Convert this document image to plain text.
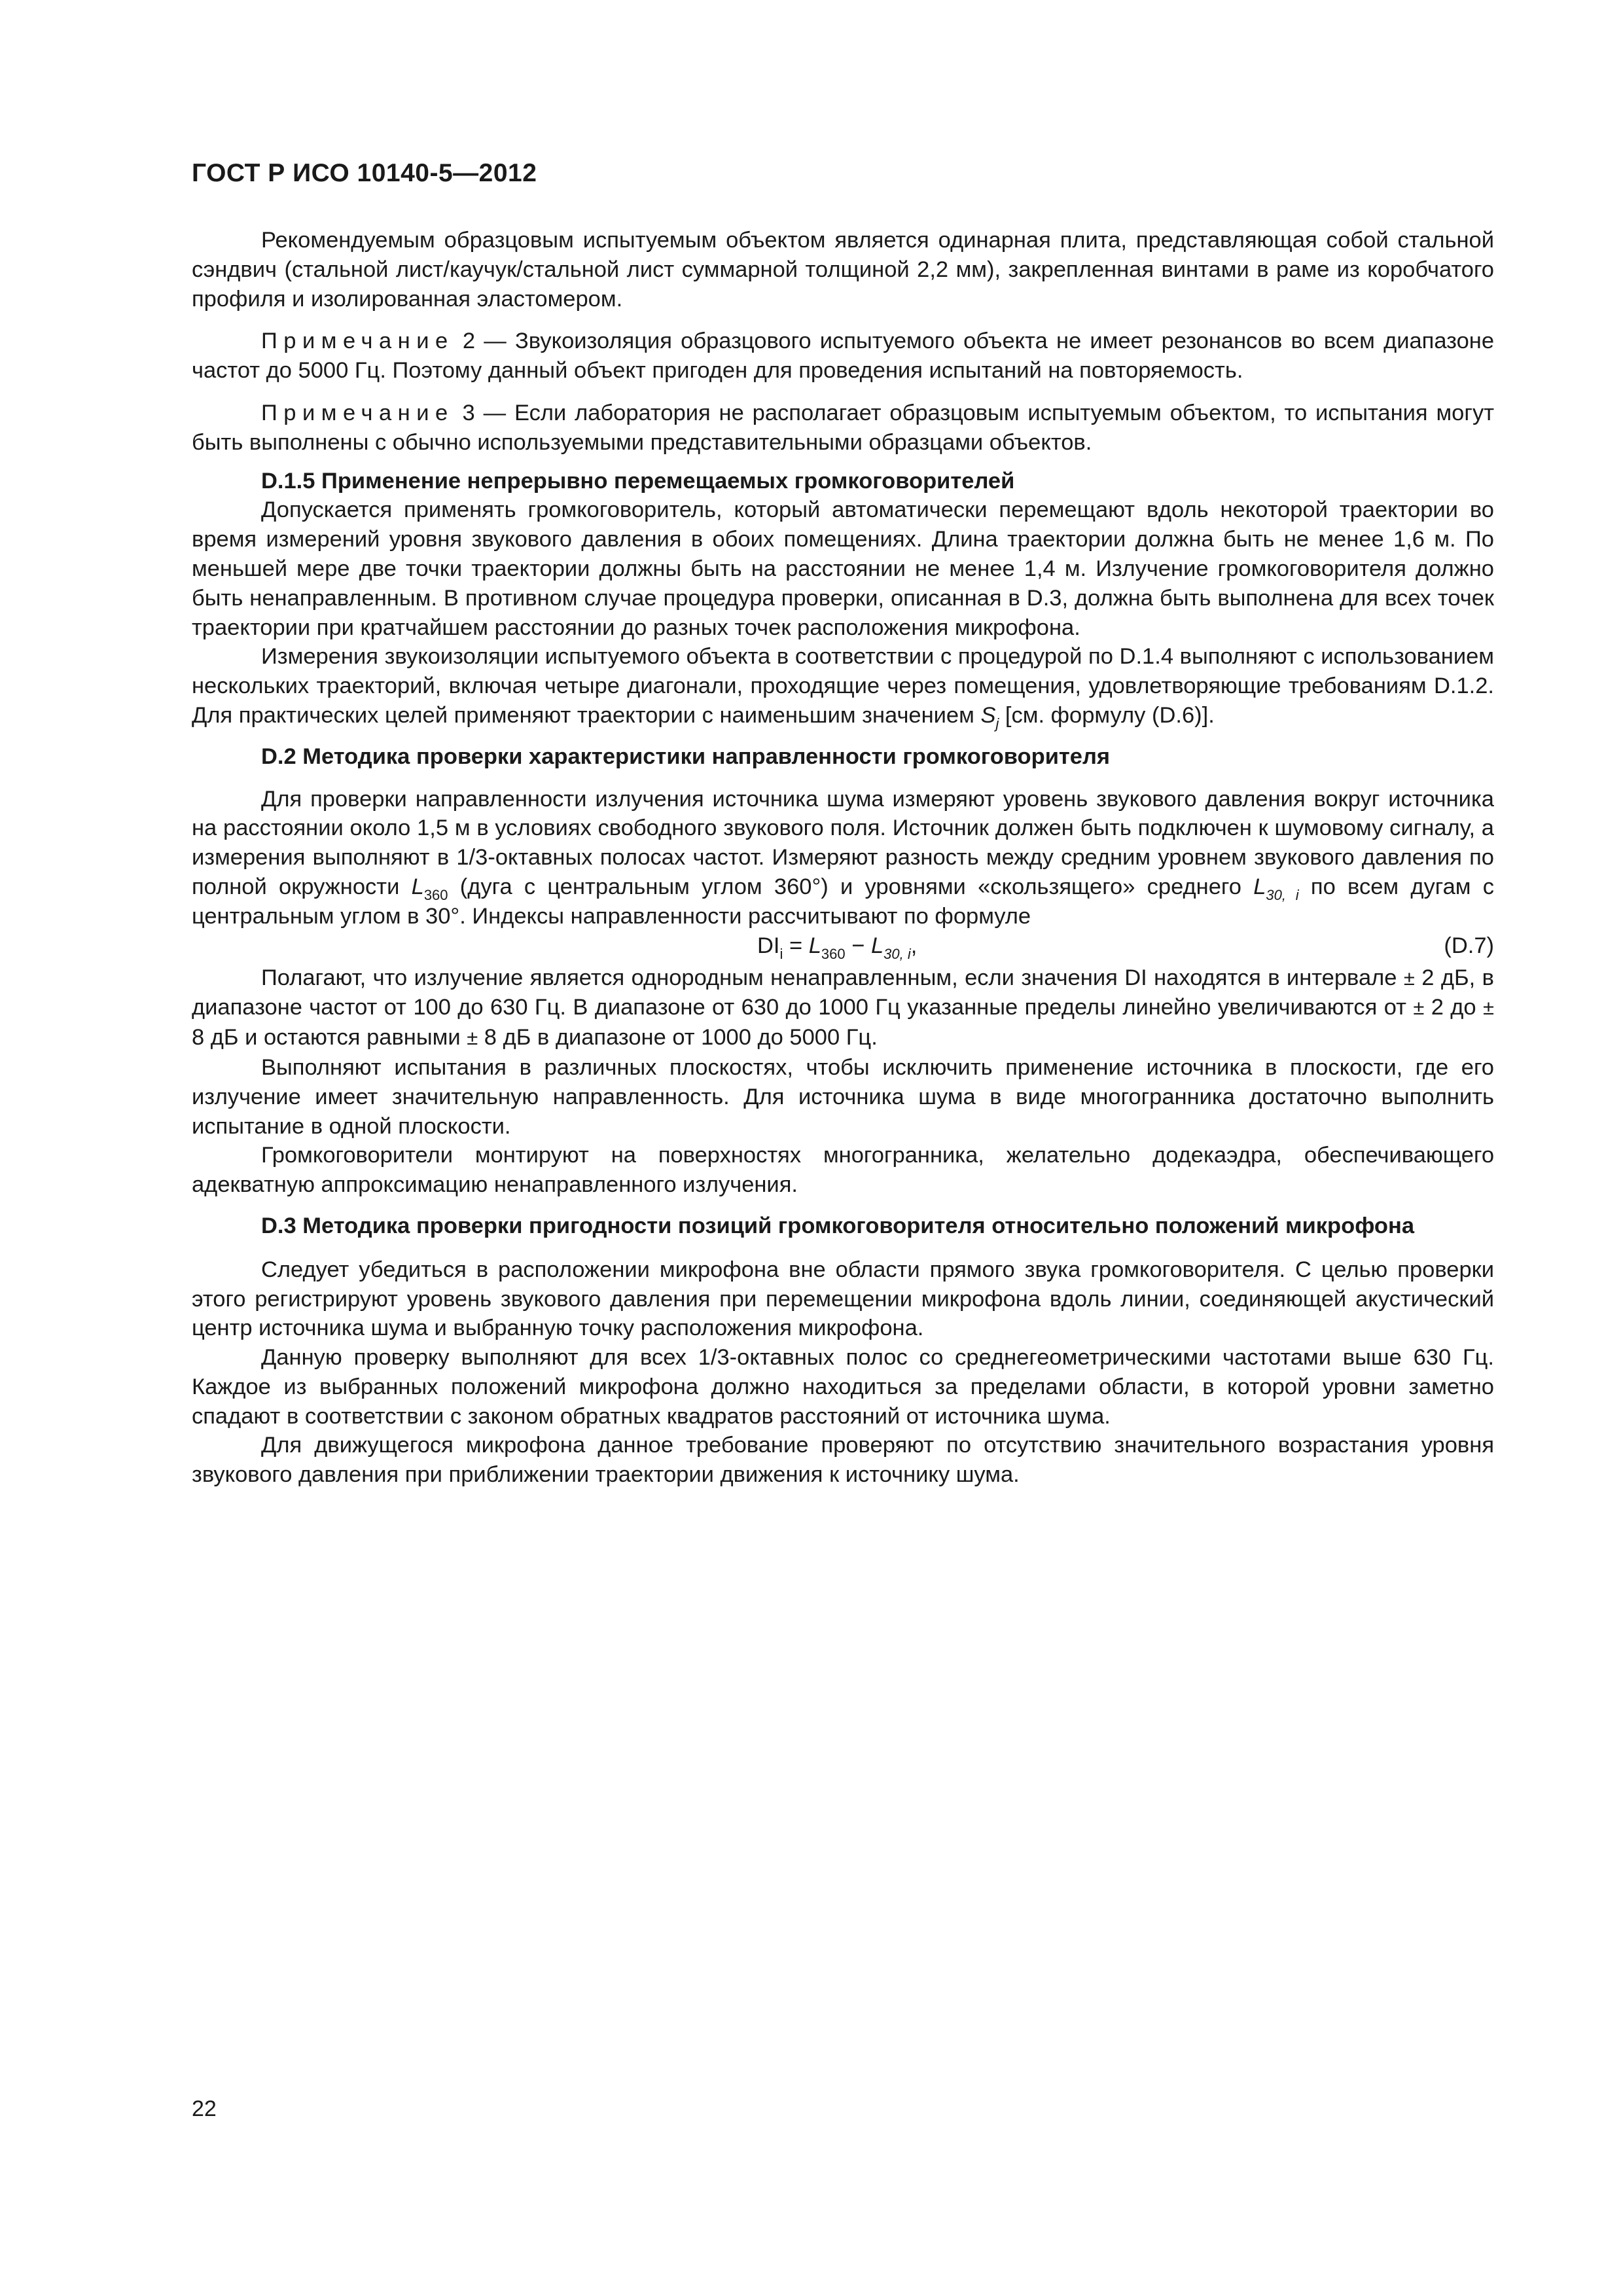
ГОСТ Р ИСО 10140-5—2012

Рекомендуемым образцовым испытуемым объектом является одинарная плита, представляющая собой стальной сэндвич (стальной лист/каучук/стальной лист суммарной толщиной 2,2 мм), закрепленная винтами в раме из коробчатого профиля и изолированная эластомером.

Примечание 2 — Звукоизоляция образцового испытуемого объекта не имеет резонансов во всем диапазоне частот до 5000 Гц. Поэтому данный объект пригоден для проведения испытаний на повторяемость.

Примечание 3 — Если лаборатория не располагает образцовым испытуемым объектом, то испытания могут быть выполнены с обычно используемыми представительными образцами объектов.

D.1.5 Применение непрерывно перемещаемых громкоговорителей

Допускается применять громкоговоритель, который автоматически перемещают вдоль некоторой траектории во время измерений уровня звукового давления в обоих помещениях. Длина траектории должна быть не менее 1,6 м. По меньшей мере две точки траектории должны быть на расстоянии не менее 1,4 м. Излучение громкоговорителя должно быть ненаправленным. В противном случае процедура проверки, описанная в D.3, должна быть выполнена для всех точек траектории при кратчайшем расстоянии до разных точек расположения микрофона.

Измерения звукоизоляции испытуемого объекта в соответствии с процедурой по D.1.4 выполняют с использованием нескольких траекторий, включая четыре диагонали, проходящие через помещения, удовлетворяющие требованиям D.1.2. Для практических целей применяют траектории с наименьшим значением $S_j$ [см. формулу (D.6)].

D.2 Методика проверки характеристики направленности громкоговорителя

Для проверки направленности излучения источника шума измеряют уровень звукового давления вокруг источника на расстоянии около 1,5 м в условиях свободного звукового поля. Источник должен быть подключен к шумовому сигналу, а измерения выполняют в 1/3-октавных полосах частот. Измеряют разность между средним уровнем звукового давления по полной окружности $L_{360}$ (дуга с центральным углом 360°) и уровнями «скользящего» среднего $L_{30, i}$ по всем дугам с центральным углом в 30°. Индексы направленности рассчитывают по формуле

$DI_i = L_{360} - L_{30, i}$,	(D.7)

Полагают, что излучение является однородным ненаправленным, если значения DI находятся в интервале ± 2 дБ, в диапазоне частот от 100 до 630 Гц. В диапазоне от 630 до 1000 Гц указанные пределы линейно увеличиваются от ± 2 до ± 8 дБ и остаются равными ± 8 дБ в диапазоне от 1000 до 5000 Гц.

Выполняют испытания в различных плоскостях, чтобы исключить применение источника в плоскости, где его излучение имеет значительную направленность. Для источника шума в виде многогранника достаточно выполнить испытание в одной плоскости.

Громкоговорители монтируют на поверхностях многогранника, желательно додекаэдра, обеспечивающего адекватную аппроксимацию ненаправленного излучения.

D.3 Методика проверки пригодности позиций громкоговорителя относительно положений микрофона

Следует убедиться в расположении микрофона вне области прямого звука громкоговорителя. С целью проверки этого регистрируют уровень звукового давления при перемещении микрофона вдоль линии, соединяющей акустический центр источника шума и выбранную точку расположения микрофона.

Данную проверку выполняют для всех 1/3-октавных полос со среднегеометрическими частотами выше 630 Гц. Каждое из выбранных положений микрофона должно находиться за пределами области, в которой уровни заметно спадают в соответствии с законом обратных квадратов расстояний от источника шума.

Для движущегося микрофона данное требование проверяют по отсутствию значительного возрастания уровня звукового давления при приближении траектории движения к источнику шума.

22
